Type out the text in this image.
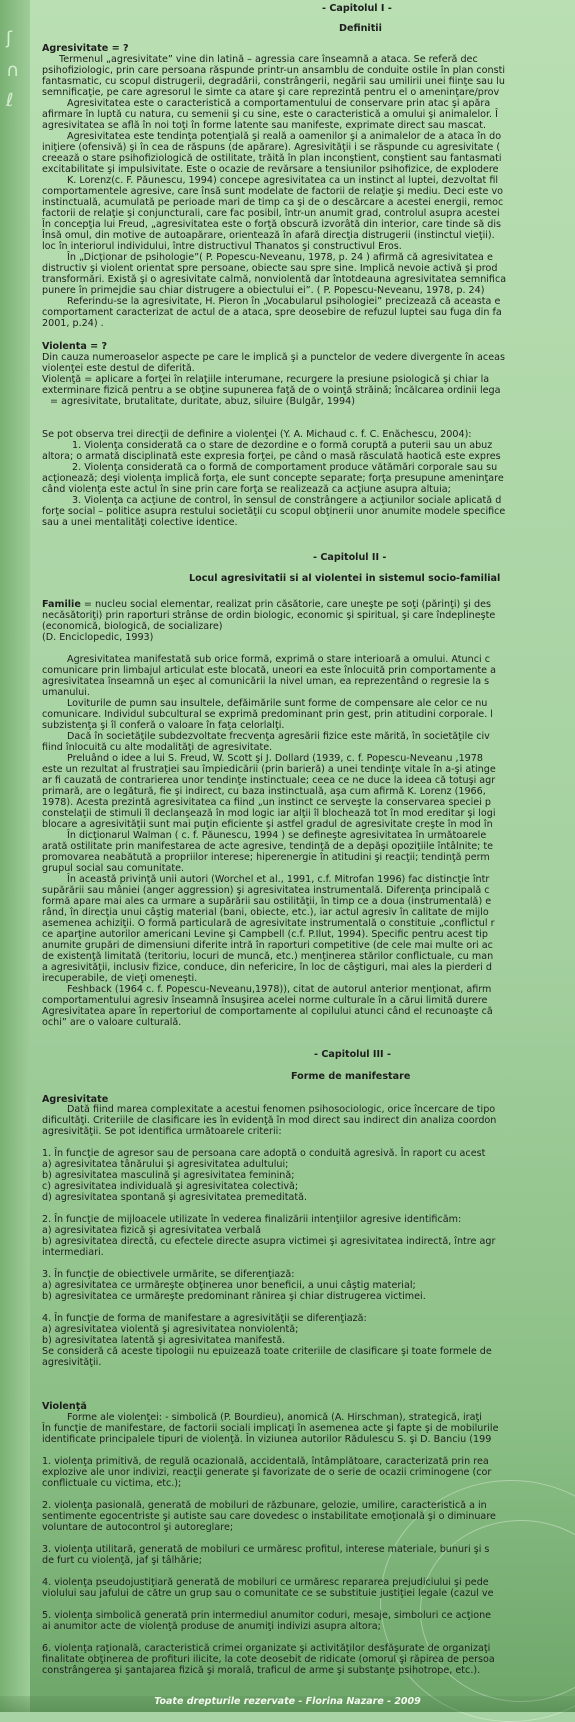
ʃ
∩
ℓ
- Capitolul I -
Definitii
Agresivitate = ?
Termenul „agresivitate” vine din latină – agressia care înseamnă a ataca. Se referă dec
psihofiziologic, prin care persoana răspunde printr-un ansamblu de conduite ostile în plan consti
fantasmatic, cu scopul distrugerii, degradării, constrângerii, negării sau umilirii unei fiinţe sau lu
semnificaţie, pe care agresorul le simte ca atare şi care reprezintă pentru el o ameninţare/prov
Agresivitatea este o caracteristică a comportamentului de conservare prin atac şi apăra
afirmare în luptă cu natura, cu semenii şi cu sine, este o caracteristică a omului şi animalelor. Î
agresivitatea se află în noi toţi în forme latente sau manifeste, exprimate direct sau mascat.
Agresivitatea este tendinţa potenţială şi reală a oamenilor şi a animalelor de a ataca în do
iniţiere (ofensivă) şi în cea de răspuns (de apărare). Agresivităţii i se răspunde cu agresivitate (
creează o stare psihofiziologică de ostilitate, trăită în plan inconştient, conştient sau fantasmati
excitabilitate şi impulsivitate. Este o ocazie de revărsare a tensiunilor psihofizice, de explodere
K. Lorenz(c. F. Păunescu, 1994) concepe agresivitatea ca un instinct al luptei, dezvoltat fil
comportamentele agresive, care însă sunt modelate de factorii de relaţie şi mediu. Deci este vo
instinctuală, acumulată pe perioade mari de timp ca şi de o descărcare a acestei energii, remoc
factorii de relaţie şi conjuncturali, care fac posibil, într-un anumit grad, controlul asupra acestei
În concepţia lui Freud, „agresivitatea este o forţă obscură izvorâtă din interior, care tinde să dis
Însă omul, din motive de autoapărare, orientează în afară direcţia distrugerii (instinctul vieţii).
loc în interiorul individului, între distructivul Thanatos şi constructivul Eros.
În „Dicţionar de psihologie”( P. Popescu-Neveanu, 1978, p. 24 ) afirmă că agresivitatea e
distructiv şi violent orientat spre persoane, obiecte sau spre sine. Implică nevoie activă şi prod
transformări. Există şi o agresivitate calmă, nonviolentă dar întotdeauna agresivitatea semnifica
punere în primejdie sau chiar distrugere a obiectului ei”. ( P. Popescu-Neveanu, 1978, p. 24)
Referindu-se la agresivitate, H. Pieron în „Vocabularul psihologiei” precizează că aceasta e
comportament caracterizat de actul de a ataca, spre deosebire de refuzul luptei sau fuga din fa
2001, p.24) .
Violenta = ?
Din cauza numeroaselor aspecte pe care le implică şi a punctelor de vedere divergente în aceas
violenţei este destul de diferită.
Violenţă = aplicare a forţei în relaţiile interumane, recurgere la presiune psiologică şi chiar la
exterminare fizică pentru a se obţine supunerea faţă de o voinţă străină; încălcarea ordinii lega
= agresivitate, brutalitate, duritate, abuz, siluire (Bulgăr, 1994)
Se pot observa trei direcţii de definire a violenţei (Y. A. Michaud c. f. C. Enăchescu, 2004):
1. Violenţa considerată ca o stare de dezordine e o formă coruptă a puterii sau un abuz
altora; o armată disciplinată este expresia forţei, pe când o masă răsculată haotică este expres
2. Violenţa considerată ca o formă de comportament produce vătămări corporale sau su
acţionează; deşi violenţa implică forţa, ele sunt concepte separate; forţa presupune ameninţare
când violenţa este actul în sine prin care forţa se realizează ca acţiune asupra altuia;
3. Violenţa ca acţiune de control, în sensul de constrângere a acţiunilor sociale aplicată d
forţe social – politice asupra restului societăţii cu scopul obţinerii unor anumite modele specifice
sau a unei mentalităţi colective identice.
- Capitolul II -
Locul agresivitatii si al violentei in sistemul socio-familial
Familie = nucleu social elementar, realizat prin căsătorie, care uneşte pe soţi (părinţi) şi des
necăsătoriţi) prin raporturi strânse de ordin biologic, economic şi spiritual, şi care îndeplineşte
(economică, biologică, de socializare)
(D. Enciclopedic, 1993)
Agresivitatea manifestată sub orice formă, exprimă o stare interioară a omului. Atunci c
comunicare prin limbajul articulat este blocată, uneori ea este înlocuită prin comportamente a
agresivitatea înseamnă un eşec al comunicării la nivel uman, ea reprezentând o regresie la s
umanului.
Loviturile de pumn sau insultele, defăimările sunt forme de compensare ale celor ce nu
comunicare. Individul subcultural se exprimă predominant prin gest, prin atitudini corporale. l
subzistenţa şi îl conferă o valoare în faţa celorlalţi.
Dacă în societăţile subdezvoltate frecvenţa agresării fizice este mărită, în societăţile civ
fiind înlocuită cu alte modalităţi de agresivitate.
Preluând o idee a lui S. Freud, W. Scott şi J. Dollard (1939, c. f. Popescu-Neveanu ,1978
este un rezultat al frustraţiei sau împiedicării (prin barieră) a unei tendinţe vitale în a-şi atinge
ar fi cauzată de contrarierea unor tendinţe instinctuale; ceea ce ne duce la ideea că totuşi agr
primară, are o legătură, fie şi indirect, cu baza instinctuală, aşa cum afirmă K. Lorenz (1966,
1978). Acesta prezintă agresivitatea ca fiind „un instinct ce serveşte la conservarea speciei p
constelaţii de stimuli îl declanşează în mod logic iar alţii îl blochează tot în mod ereditar şi logi
blocare a agresivităţii sunt mai puţin eficiente şi astfel gradul de agresivitate creşte în mod în
În dicţionarul Walman ( c. f. Păunescu, 1994 ) se defineşte agresivitatea în următoarele
arată ostilitate prin manifestarea de acte agresive, tendinţă de a depăşi opoziţiile întâlnite; te
promovarea neabătută a propriilor interese; hiperenergie în atitudini şi reacţii; tendinţă perm
grupul social sau comunitate.
În această privinţă unii autori (Worchel et al., 1991, c.f. Mitrofan 1996) fac distincţie într
supărării sau mâniei (anger aggression) şi agresivitatea instrumentală. Diferenţa principală c
formă apare mai ales ca urmare a supărării sau ostilităţii, în timp ce a doua (instrumentală) e
rând, în direcţia unui câştig material (bani, obiecte, etc.), iar actul agresiv în calitate de mijlo
asemenea achiziţii. O formă particulară de agresivitate instrumentală o constituie „conflictul r
ce aparţine autorilor americani Levine şi Campbell (c.f. P.Ilut, 1994). Specific pentru acest tip
anumite grupări de dimensiuni diferite intră în raporturi competitive (de cele mai multe ori ac
de existenţă limitată (teritoriu, locuri de muncă, etc.) menţinerea stărilor conflictuale, cu man
a agresivităţii, inclusiv fizice, conduce, din nefericire, în loc de câştiguri, mai ales la pierderi d
irecuperabile, de vieţi omeneşti.
Feshback (1964 c. f. Popescu-Neveanu,1978)), citat de autorul anterior menţionat, afirm
comportamentului agresiv înseamnă însuşirea acelei norme culturale în a cărui limită durere
Agresivitatea apare în repertoriul de comportamente al copilului atunci când el recunoaşte că
ochi” are o valoare culturală.
- Capitolul III -
Forme de manifestare
Agresivitate
Dată fiind marea complexitate a acestui fenomen psihosociologic, orice încercare de tipo
dificultăţi. Criteriile de clasificare ies în evidenţă în mod direct sau indirect din analiza coordon
agresivităţii. Se pot identifica următoarele criterii:
1. În funcţie de agresor sau de persoana care adoptă o conduită agresivă. În raport cu acest
a) agresivitatea tânărului şi agresivitatea adultului;
b) agresivitatea masculină şi agresivitatea feminină;
c) agresivitatea individuală şi agresivitatea colectivă;
d) agresivitatea spontană şi agresivitatea premeditată.
2. În funcţie de mijloacele utilizate în vederea finalizării intenţiilor agresive identificăm:
a) agresivitatea fizică şi agresivitatea verbală
b) agresivitatea directă, cu efectele directe asupra victimei şi agresivitatea indirectă, între agr
intermediari.
3. În funcţie de obiectivele urmărite, se diferenţiază:
a) agresivitatea ce urmăreşte obţinerea unor beneficii, a unui câştig material;
b) agresivitatea ce urmăreşte predominant rănirea şi chiar distrugerea victimei.
4. În funcţie de forma de manifestare a agresivităţii se diferenţiază:
a) agresivitatea violentă şi agresivitatea nonviolentă;
b) agresivitatea latentă şi agresivitatea manifestă.
Se consideră că aceste tipologii nu epuizează toate criteriile de clasificare şi toate formele de
agresivităţii.
Violenţă
Forme ale violenţei: - simbolică (P. Bourdieu), anomică (A. Hirschman), strategică, iraţi
În funcţie de manifestare, de factorii sociali implicaţi în asemenea acte şi fapte şi de mobilurile
identificate principalele tipuri de violenţă. În viziunea autorilor Rădulescu S. şi D. Banciu (199
1. violenţa primitivă, de regulă ocazională, accidentală, întâmplătoare, caracterizată prin rea
explozive ale unor indivizi, reacţii generate şi favorizate de o serie de ocazii criminogene (cor
conflictuale cu victima, etc.);
2. violenţa pasională, generată de mobiluri de răzbunare, gelozie, umilire, caracteristică a in
sentimente egocentriste şi autiste sau care dovedesc o instabilitate emoţională şi o diminuare
voluntare de autocontrol şi autoreglare;
3. violenţa utilitară, generată de mobiluri ce urmăresc profitul, interese materiale, bunuri şi s
de furt cu violenţă, jaf şi tâlhărie;
4. violenţa pseudojustiţiară generată de mobiluri ce urmăresc repararea prejudiciului şi pede
violului sau jafului de către un grup sau o comunitate ce se substituie justiţiei legale (cazul ve
5. violenţa simbolică generată prin intermediul anumitor coduri, mesaje, simboluri ce acţione
ai anumitor acte de violenţă produse de anumiţi indivizi asupra altora;
6. violenţa raţională, caracteristică crimei organizate şi activităţilor desfăşurate de organizaţi
finalitate obţinerea de profituri ilicite, la cote deosebit de ridicate (omorul şi răpirea de persoa
constrângerea şi şantajarea fizică şi morală, traficul de arme şi substanţe psihotrope, etc.).
Toate drepturile rezervate - Florina Nazare - 2009
